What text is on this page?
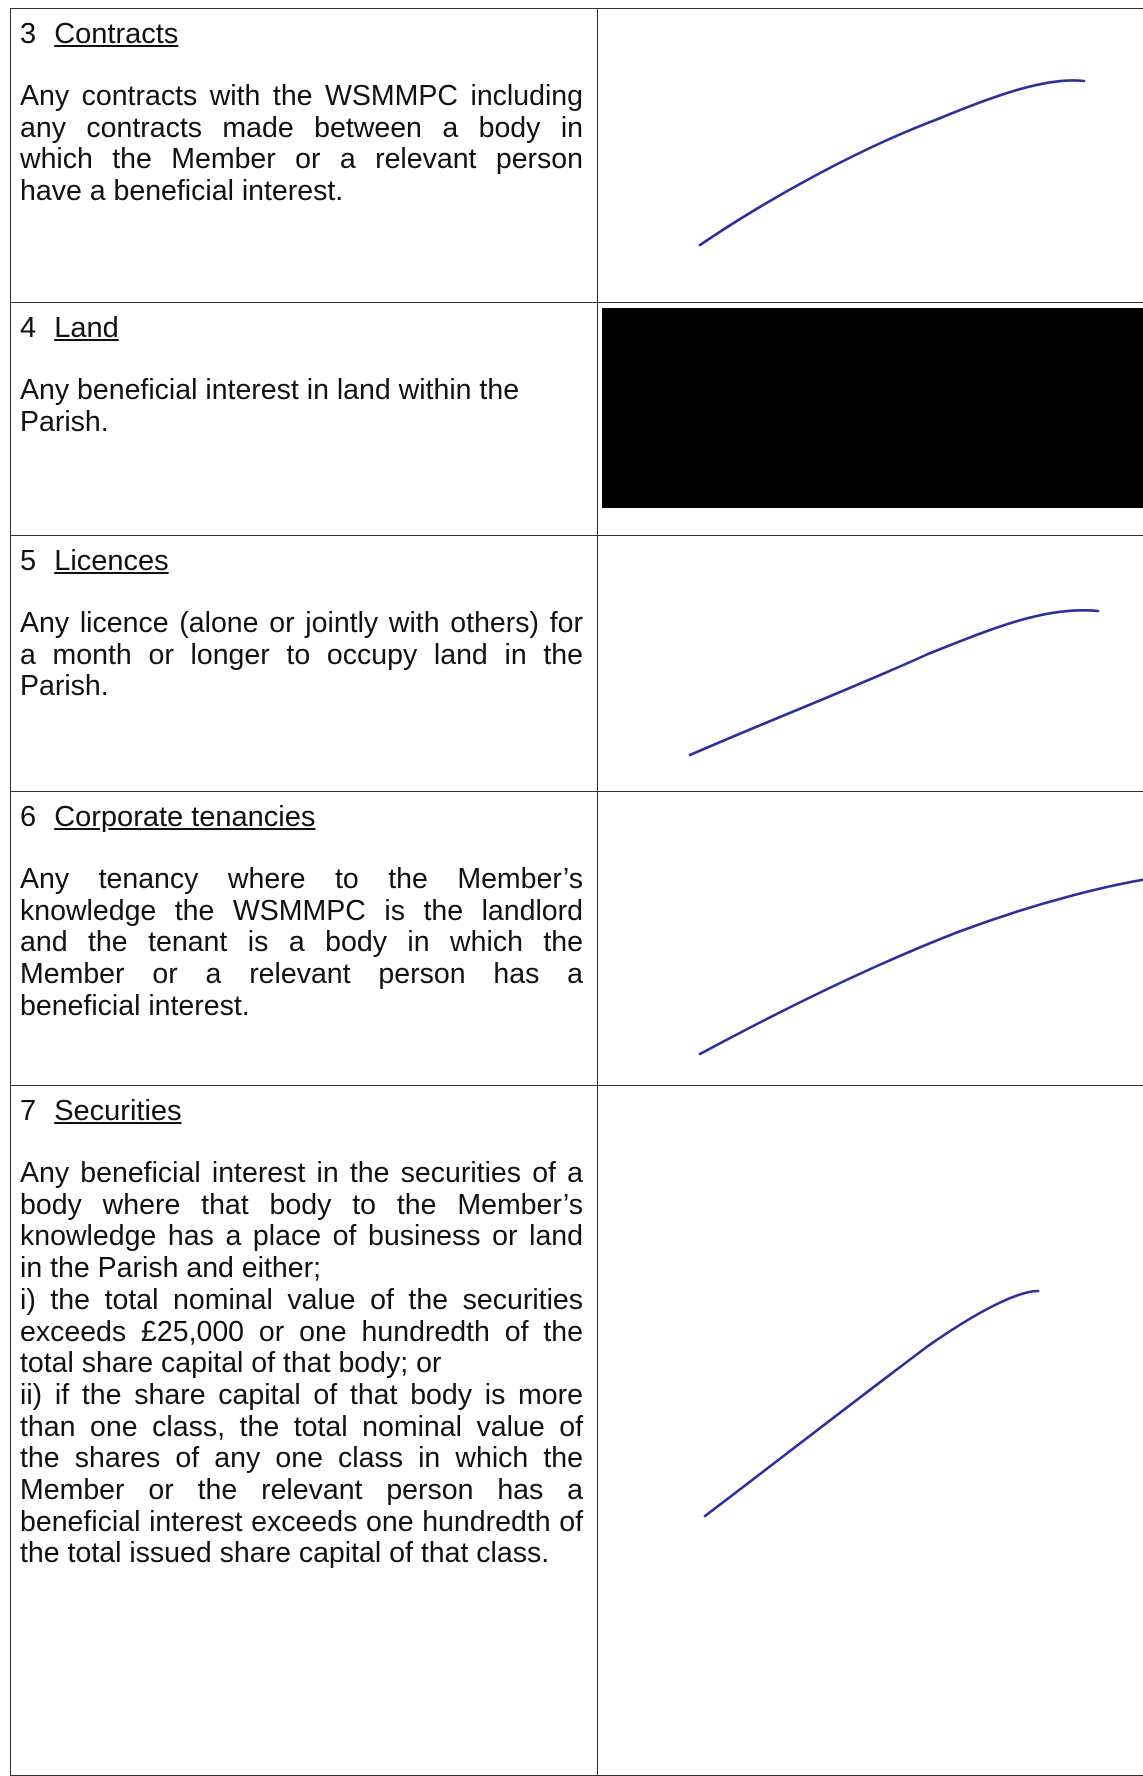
3 Contracts

Any contracts with the WSMMPC including any contracts made between a body in which the Member or a relevant person have a beneficial interest.

4 Land

Any beneficial interest in land within the Parish.	

5 Licences

Any licence (alone or jointly with others) for a month or longer to occupy land in the Parish.

6 Corporate tenancies

Any tenancy where to the Member’s knowledge the WSMMPC is the landlord and the tenant is a body in which the Member or a relevant person has a beneficial interest.

7 Securities

Any beneficial interest in the securities of a body where that body to the Member’s knowledge has a place of business or land in the Parish and either;

i) the total nominal value of the securities exceeds £25,000 or one hundredth of the total share capital of that body; or

ii) if the share capital of that body is more than one class, the total nominal value of the shares of any one class in which the Member or the relevant person has a beneficial interest exceeds one hundredth of the total issued share capital of that class.
